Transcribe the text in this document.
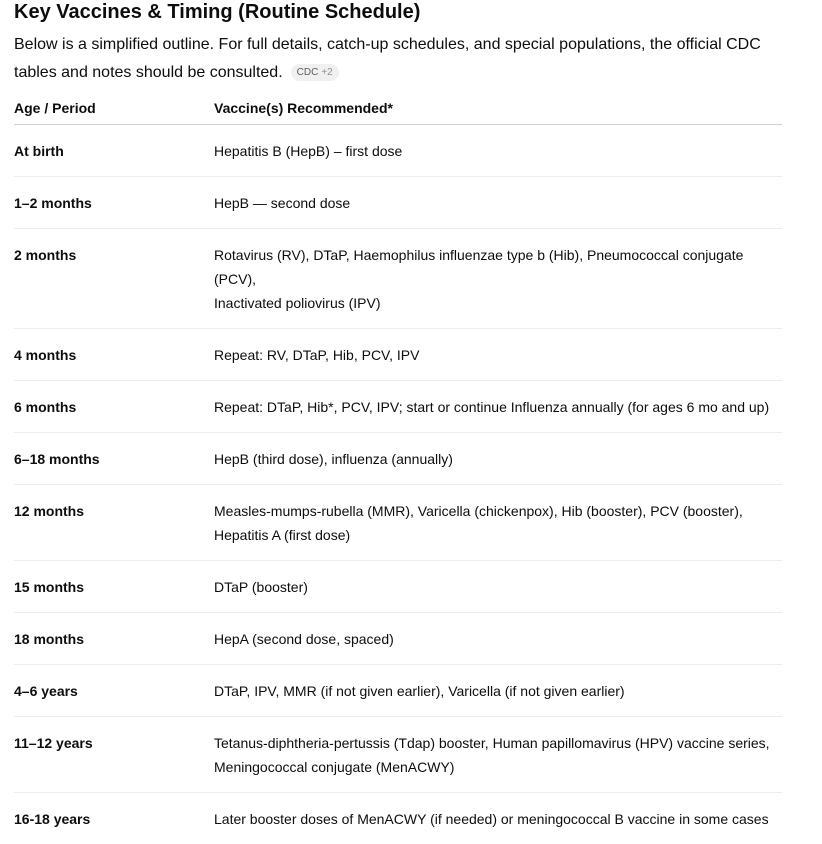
Key Vaccines & Timing (Routine Schedule)

Below is a simplified outline. For full details, catch-up schedules, and special populations, the official CDC
tables and notes should be consulted. CDC +2

Age / Period	Vaccine(s) Recommended*
At birth	Hepatitis B (HepB) – first dose

1–2 months	HepB — second dose

2 months	Rotavirus (RV), DTaP, Haemophilus influenzae type b (Hib), Pneumococcal conjugate (PCV),
Inactivated poliovirus (IPV)

4 months	Repeat: RV, DTaP, Hib, PCV, IPV

6 months	Repeat: DTaP, Hib*, PCV, IPV; start or continue Influenza annually (for ages 6 mo and up)

6–18 months	HepB (third dose), influenza (annually)

12 months	Measles-mumps-rubella (MMR), Varicella (chickenpox), Hib (booster), PCV (booster),
Hepatitis A (first dose)

15 months	DTaP (booster)

18 months	HepA (second dose, spaced)

4–6 years	DTaP, IPV, MMR (if not given earlier), Varicella (if not given earlier)

11–12 years	Tetanus-diphtheria-pertussis (Tdap) booster, Human papillomavirus (HPV) vaccine series,
Meningococcal conjugate (MenACWY)

16-18 years	Later booster doses of MenACWY (if needed) or meningococcal B vaccine in some cases
